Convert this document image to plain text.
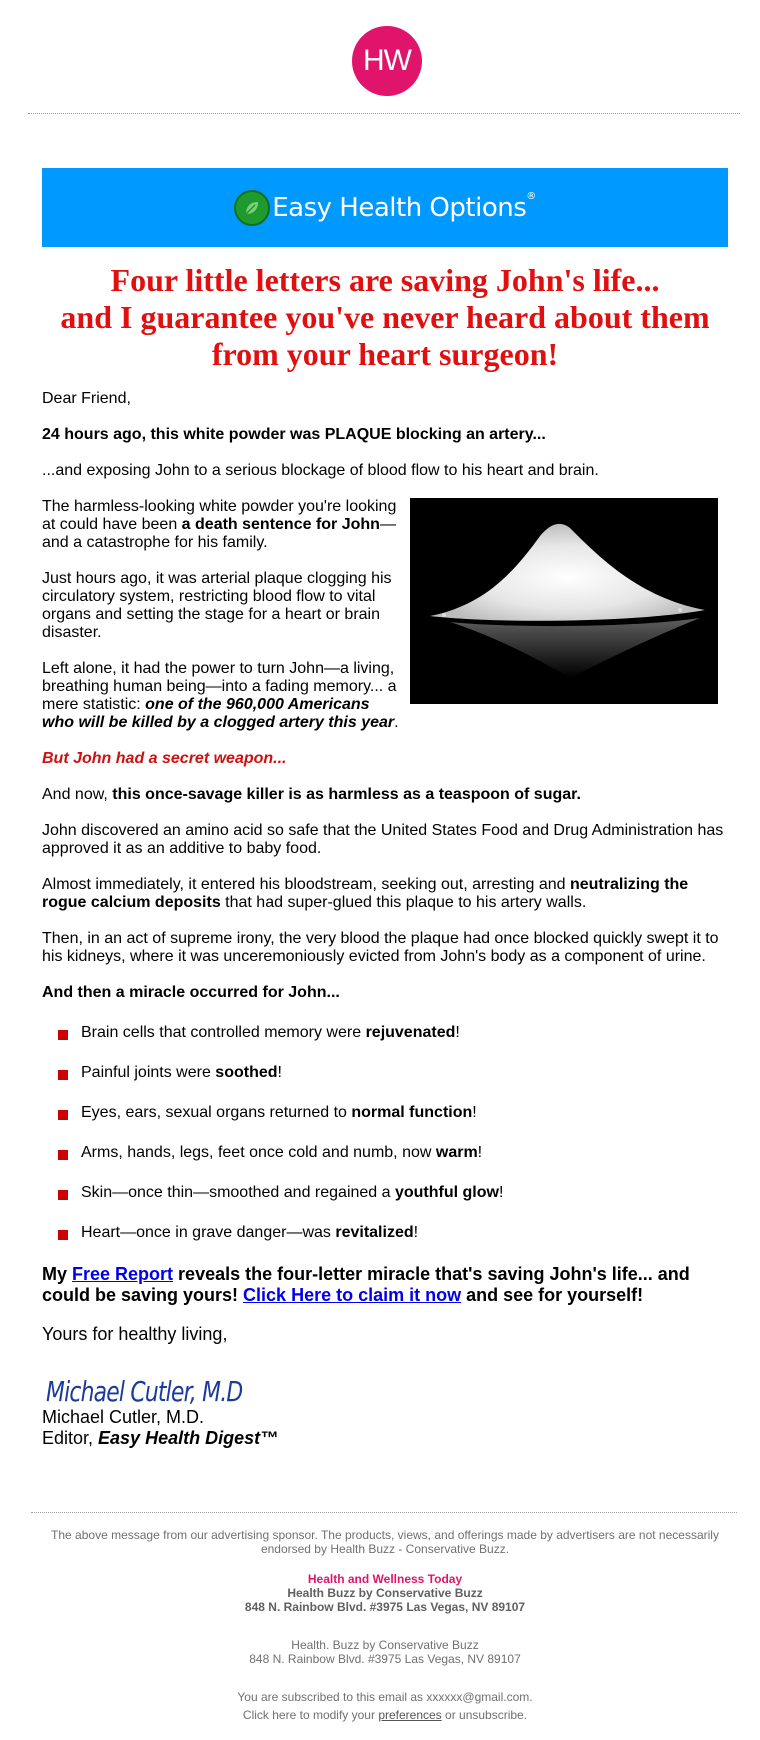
HW
Easy Health Options®
Four little letters are saving John's life...
and I guarantee you've never heard about them
from your heart surgeon!

Dear Friend,

24 hours ago, this white powder was PLAQUE blocking an artery...

...and exposing John to a serious blockage of blood flow to his heart and brain.

The harmless-looking white powder you're looking at could have been a death sentence for John—and a catastrophe for his family.

Just hours ago, it was arterial plaque clogging his circulatory system, restricting blood flow to vital organs and setting the stage for a heart or brain disaster.

Left alone, it had the power to turn John—a living, breathing human being—into a fading memory... a mere statistic: one of the 960,000 Americans who will be killed by a clogged artery this year.

But John had a secret weapon...

And now, this once-savage killer is as harmless as a teaspoon of sugar.

John discovered an amino acid so safe that the United States Food and Drug Administration has approved it as an additive to baby food.

Almost immediately, it entered his bloodstream, seeking out, arresting and neutralizing the rogue calcium deposits that had super-glued this plaque to his artery walls.

Then, in an act of supreme irony, the very blood the plaque had once blocked quickly swept it to his kidneys, where it was unceremoniously evicted from John's body as a component of urine.

And then a miracle occurred for John...

Brain cells that controlled memory were rejuvenated!
Painful joints were soothed!
Eyes, ears, sexual organs returned to normal function!
Arms, hands, legs, feet once cold and numb, now warm!
Skin—once thin—smoothed and regained a youthful glow!
Heart—once in grave danger—was revitalized!

My Free Report reveals the four-letter miracle that's saving John's life... and could be saving yours! Click Here to claim it now and see for yourself!

Yours for healthy living,
Michael Cutler, M.D
Michael Cutler, M.D.
Editor, Easy Health Digest™

The above message from our advertising sponsor. The products, views, and offerings made by advertisers are not necessarily endorsed by Health Buzz - Conservative Buzz.

Health and Wellness Today
Health Buzz by Conservative Buzz
848 N. Rainbow Blvd. #3975 Las Vegas, NV 89107

Health. Buzz by Conservative Buzz
848 N. Rainbow Blvd. #3975 Las Vegas, NV 89107

You are subscribed to this email as xxxxxx@gmail.com.
Click here to modify your preferences or unsubscribe.
